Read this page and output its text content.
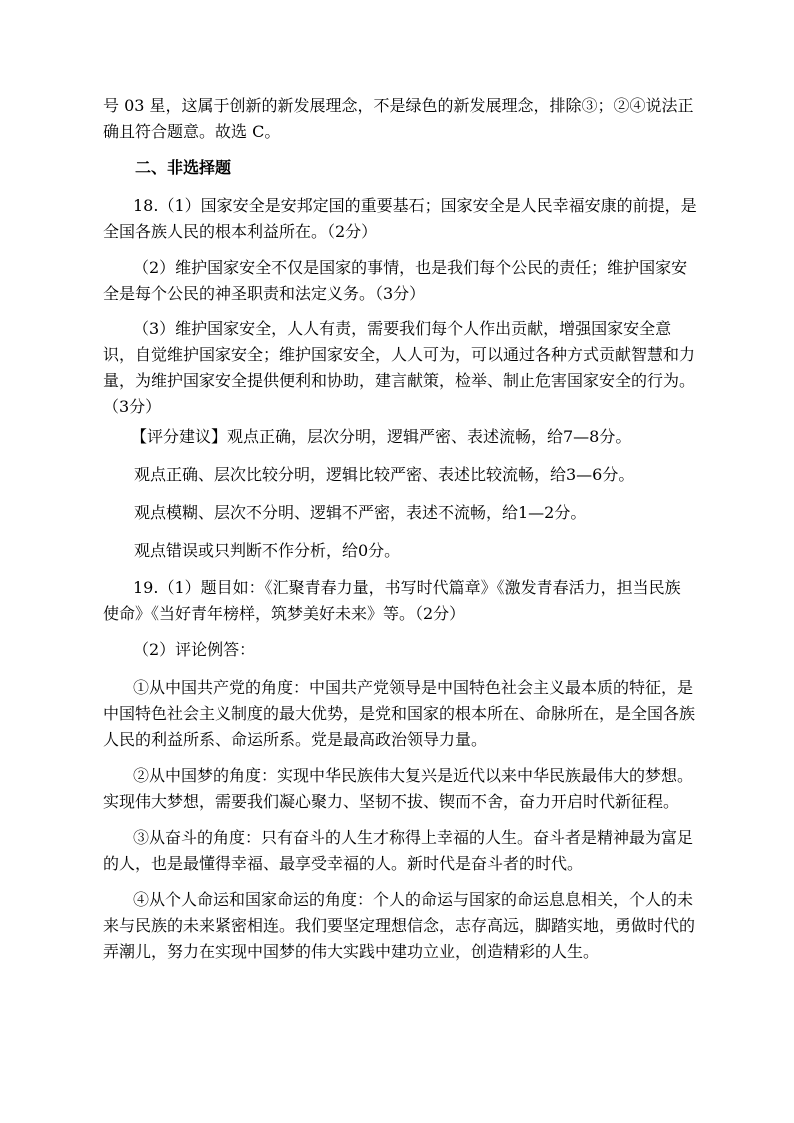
号 03 星，这属于创新的新发展理念，不是绿色的新发展理念，排除③；②④说法正
确且符合题意。故选 C。
二、非选择题
18.（1）国家安全是安邦定国的重要基石；国家安全是人民幸福安康的前提，是
全国各族人民的根本利益所在。（2分）
（2）维护国家安全不仅是国家的事情，也是我们每个公民的责任；维护国家安
全是每个公民的神圣职责和法定义务。（3分）
（3）维护国家安全，人人有责，需要我们每个人作出贡献，增强国家安全意
识，自觉维护国家安全；维护国家安全，人人可为，可以通过各种方式贡献智慧和力
量，为维护国家安全提供便利和协助，建言献策，检举、制止危害国家安全的行为。
（3分）
【评分建议】观点正确，层次分明，逻辑严密、表述流畅，给7—8分。
观点正确、层次比较分明，逻辑比较严密、表述比较流畅，给3—6分。
观点模糊、层次不分明、逻辑不严密，表述不流畅，给1—2分。
观点错误或只判断不作分析，给0分。
19.（1）题目如：《汇聚青春力量，书写时代篇章》《激发青春活力，担当民族
使命》《当好青年榜样，筑梦美好未来》等。（2分）
（2）评论例答：
①从中国共产党的角度：中国共产党领导是中国特色社会主义最本质的特征，是
中国特色社会主义制度的最大优势，是党和国家的根本所在、命脉所在，是全国各族
人民的利益所系、命运所系。党是最高政治领导力量。
②从中国梦的角度：实现中华民族伟大复兴是近代以来中华民族最伟大的梦想。
实现伟大梦想，需要我们凝心聚力、坚韧不拔、锲而不舍，奋力开启时代新征程。
③从奋斗的角度：只有奋斗的人生才称得上幸福的人生。奋斗者是精神最为富足
的人，也是最懂得幸福、最享受幸福的人。新时代是奋斗者的时代。
④从个人命运和国家命运的角度：个人的命运与国家的命运息息相关，个人的未
来与民族的未来紧密相连。我们要坚定理想信念，志存高远，脚踏实地，勇做时代的
弄潮儿，努力在实现中国梦的伟大实践中建功立业，创造精彩的人生。
